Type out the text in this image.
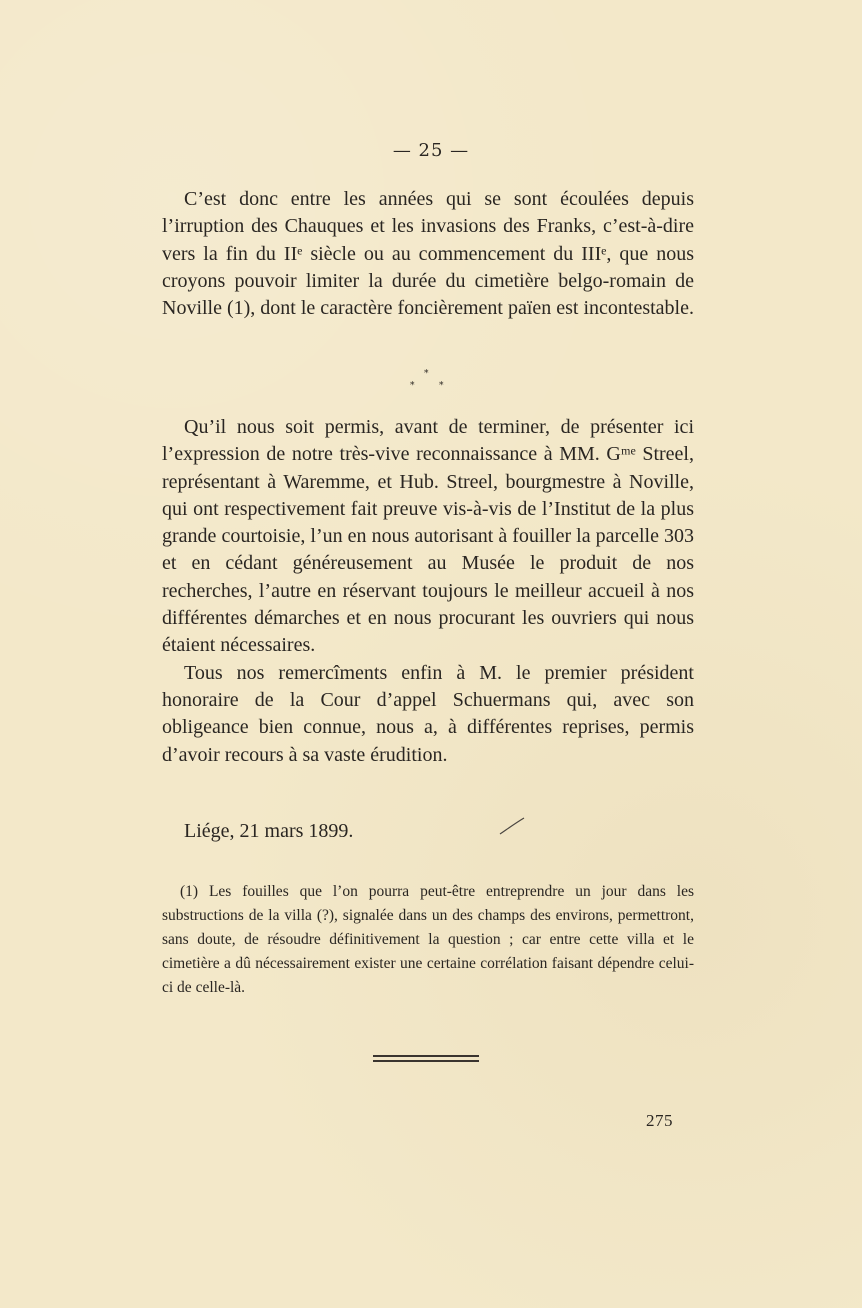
— 25 —

C’est donc entre les années qui se sont écoulées depuis l’irruption des Chauques et les invasions des Franks, c’est-à-dire vers la fin du IIᵉ siècle ou au commencement du IIIᵉ, que nous croyons pouvoir limiter la durée du cimetière belgo-romain de Noville (1), dont le caractère foncièrement païen est incontestable.

*
*	*

Qu’il nous soit permis, avant de terminer, de présenter ici l’expression de notre très-vive reconnaissance à MM. Gᵐᵉ Streel, représentant à Waremme, et Hub. Streel, bourgmestre à Noville, qui ont respectivement fait preuve vis-à-vis de l’Institut de la plus grande courtoisie, l’un en nous autorisant à fouiller la parcelle 303 et en cédant généreusement au Musée le produit de nos recherches, l’autre en réservant toujours le meilleur accueil à nos différentes démarches et en nous procurant les ouvriers qui nous étaient nécessaires.

Tous nos remercîments enfin à M. le premier président honoraire de la Cour d’appel Schuermans qui, avec son obligeance bien connue, nous a, à différentes reprises, permis d’avoir recours à sa vaste érudition.

Liége, 21 mars 1899.

(1) Les fouilles que l’on pourra peut-être entreprendre un jour dans les substructions de la villa (?), signalée dans un des champs des environs, permettront, sans doute, de résoudre définitivement la question ; car entre cette villa et le cimetière a dû nécessairement exister une certaine corrélation faisant dépendre celui-ci de celle-là.

275
